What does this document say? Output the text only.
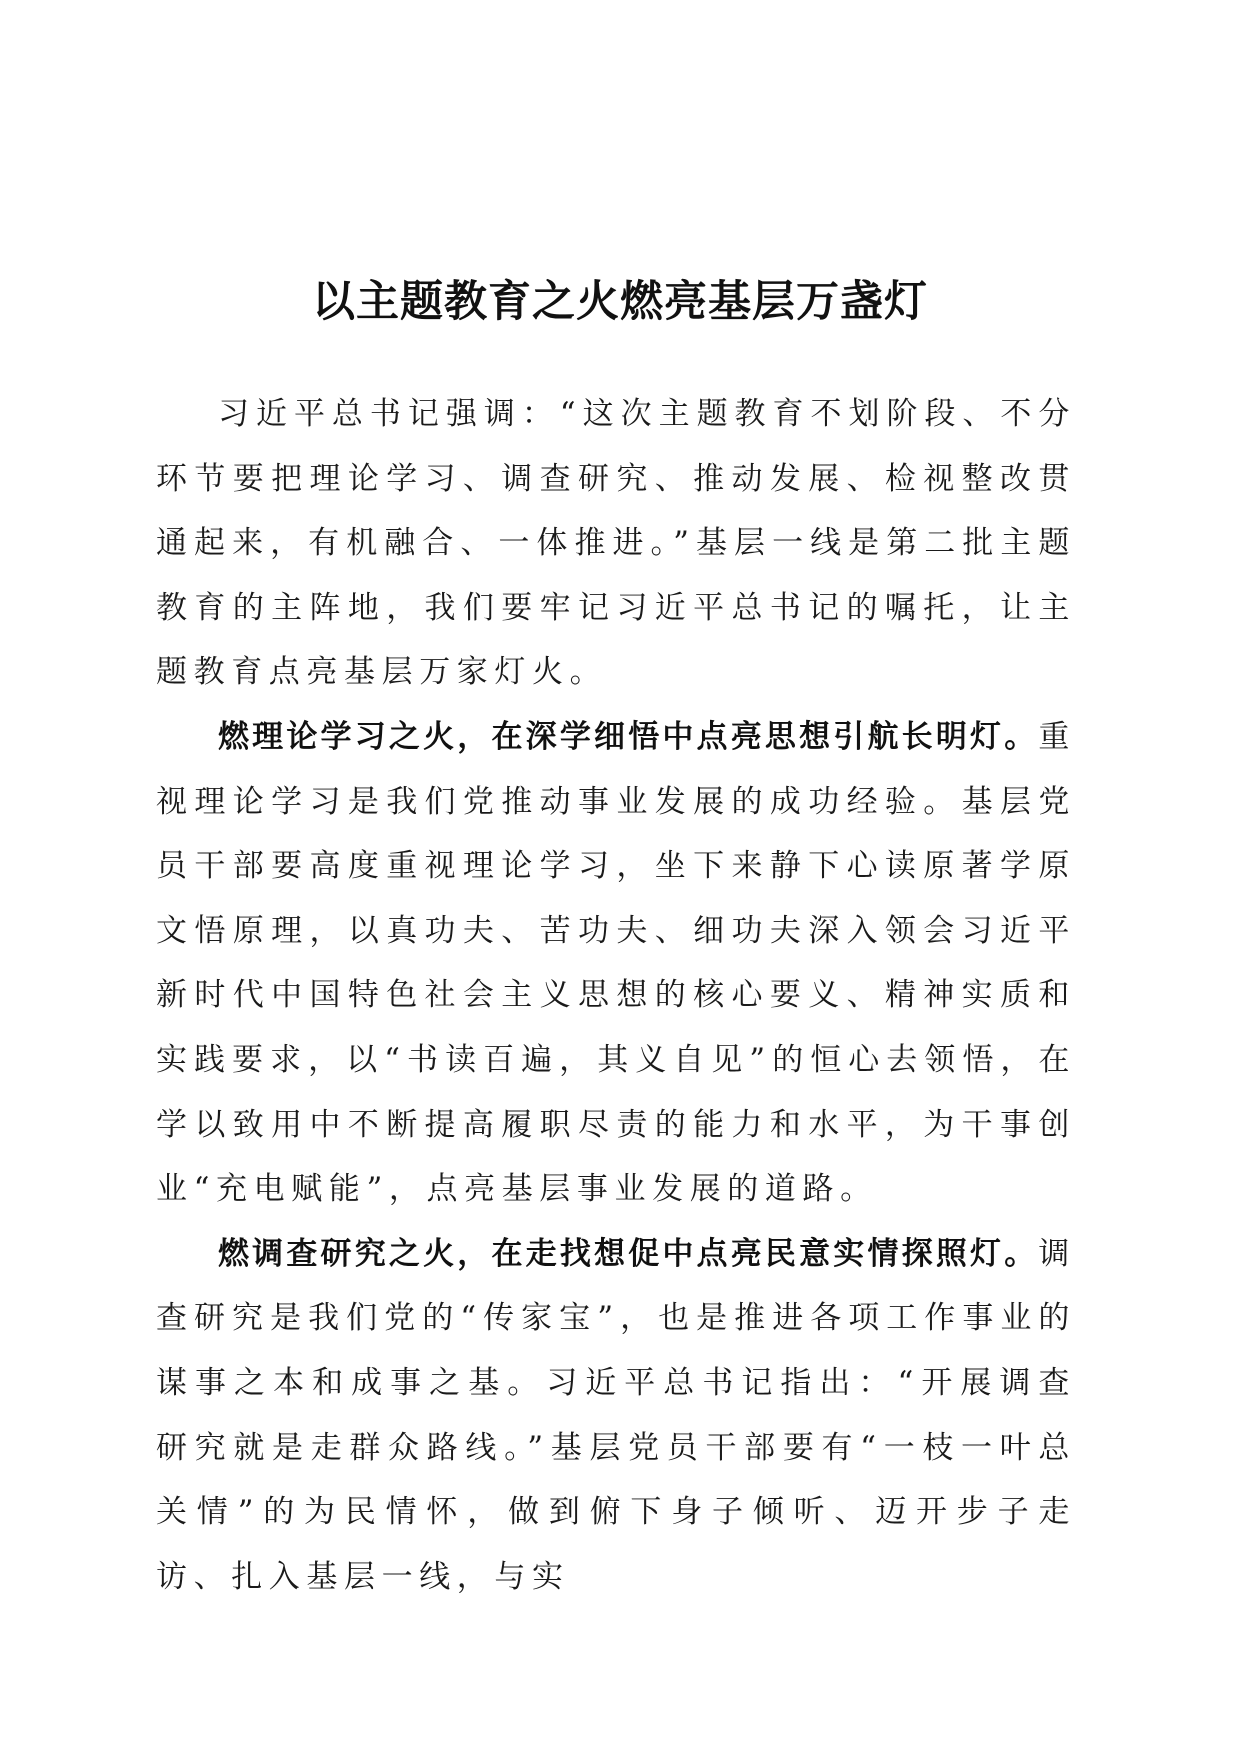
以主题教育之火燃亮基层万盏灯

习近平总书记强调：“这次主题教育不划阶段、不分环节要把理论学习、调查研究、推动发展、检视整改贯通起来，有机融合、一体推进。”基层一线是第二批主题教育的主阵地，我们要牢记习近平总书记的嘱托，让主题教育点亮基层万家灯火。

燃理论学习之火，在深学细悟中点亮思想引航长明灯。重视理论学习是我们党推动事业发展的成功经验。基层党员干部要高度重视理论学习，坐下来静下心读原著学原文悟原理，以真功夫、苦功夫、细功夫深入领会习近平新时代中国特色社会主义思想的核心要义、精神实质和实践要求，以“书读百遍，其义自见”的恒心去领悟，在学以致用中不断提高履职尽责的能力和水平，为干事创业“充电赋能”，点亮基层事业发展的道路。

燃调查研究之火，在走找想促中点亮民意实情探照灯。调查研究是我们党的“传家宝”，也是推进各项工作事业的谋事之本和成事之基。习近平总书记指出：“开展调查研究就是走群众路线。”基层党员干部要有“一枝一叶总关情”的为民情怀，做到俯下身子倾听、迈开步子走访、扎入基层一线，与实
